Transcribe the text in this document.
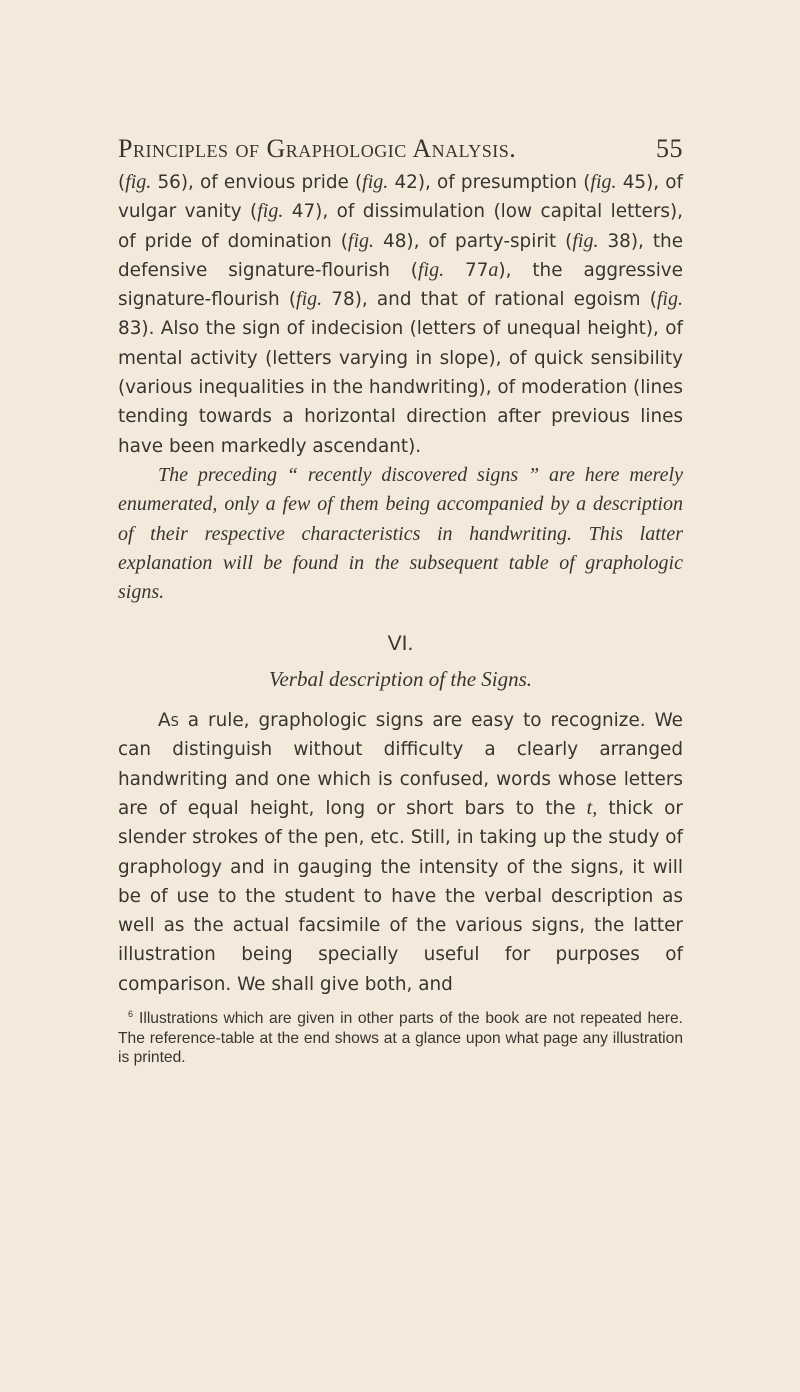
Principles of Graphologic Analysis.	55

(fig. 56), of envious pride (fig. 42), of presumption (fig. 45), of vulgar vanity (fig. 47), of dissimulation (low capital letters), of pride of domination (fig. 48), of party-spirit (fig. 38), the defensive signature-flourish (fig. 77a), the aggressive signature-flourish (fig. 78), and that of rational egoism (fig. 83). Also the sign of indecision (letters of unequal height), of mental activity (letters varying in slope), of quick sensibility (various inequalities in the handwriting), of moderation (lines tending towards a horizontal direction after previous lines have been markedly ascendant).

The preceding “ recently discovered signs ” are here merely enumerated, only a few of them being accompanied by a description of their respective characteristics in handwriting. This latter explanation will be found in the subsequent table of graphologic signs.

VI.
Verbal description of the Signs.

As a rule, graphologic signs are easy to recognize. We can distinguish without difficulty a clearly arranged handwriting and one which is confused, words whose letters are of equal height, long or short bars to the t, thick or slender strokes of the pen, etc. Still, in taking up the study of graphology and in gauging the intensity of the signs, it will be of use to the student to have the verbal description as well as the actual facsimile of the various signs, the latter illustration being specially useful for purposes of comparison. We shall give both, and

$^6$ Illustrations which are given in other parts of the book are not repeated here. The reference-table at the end shows at a glance upon what page any illustration is printed.
